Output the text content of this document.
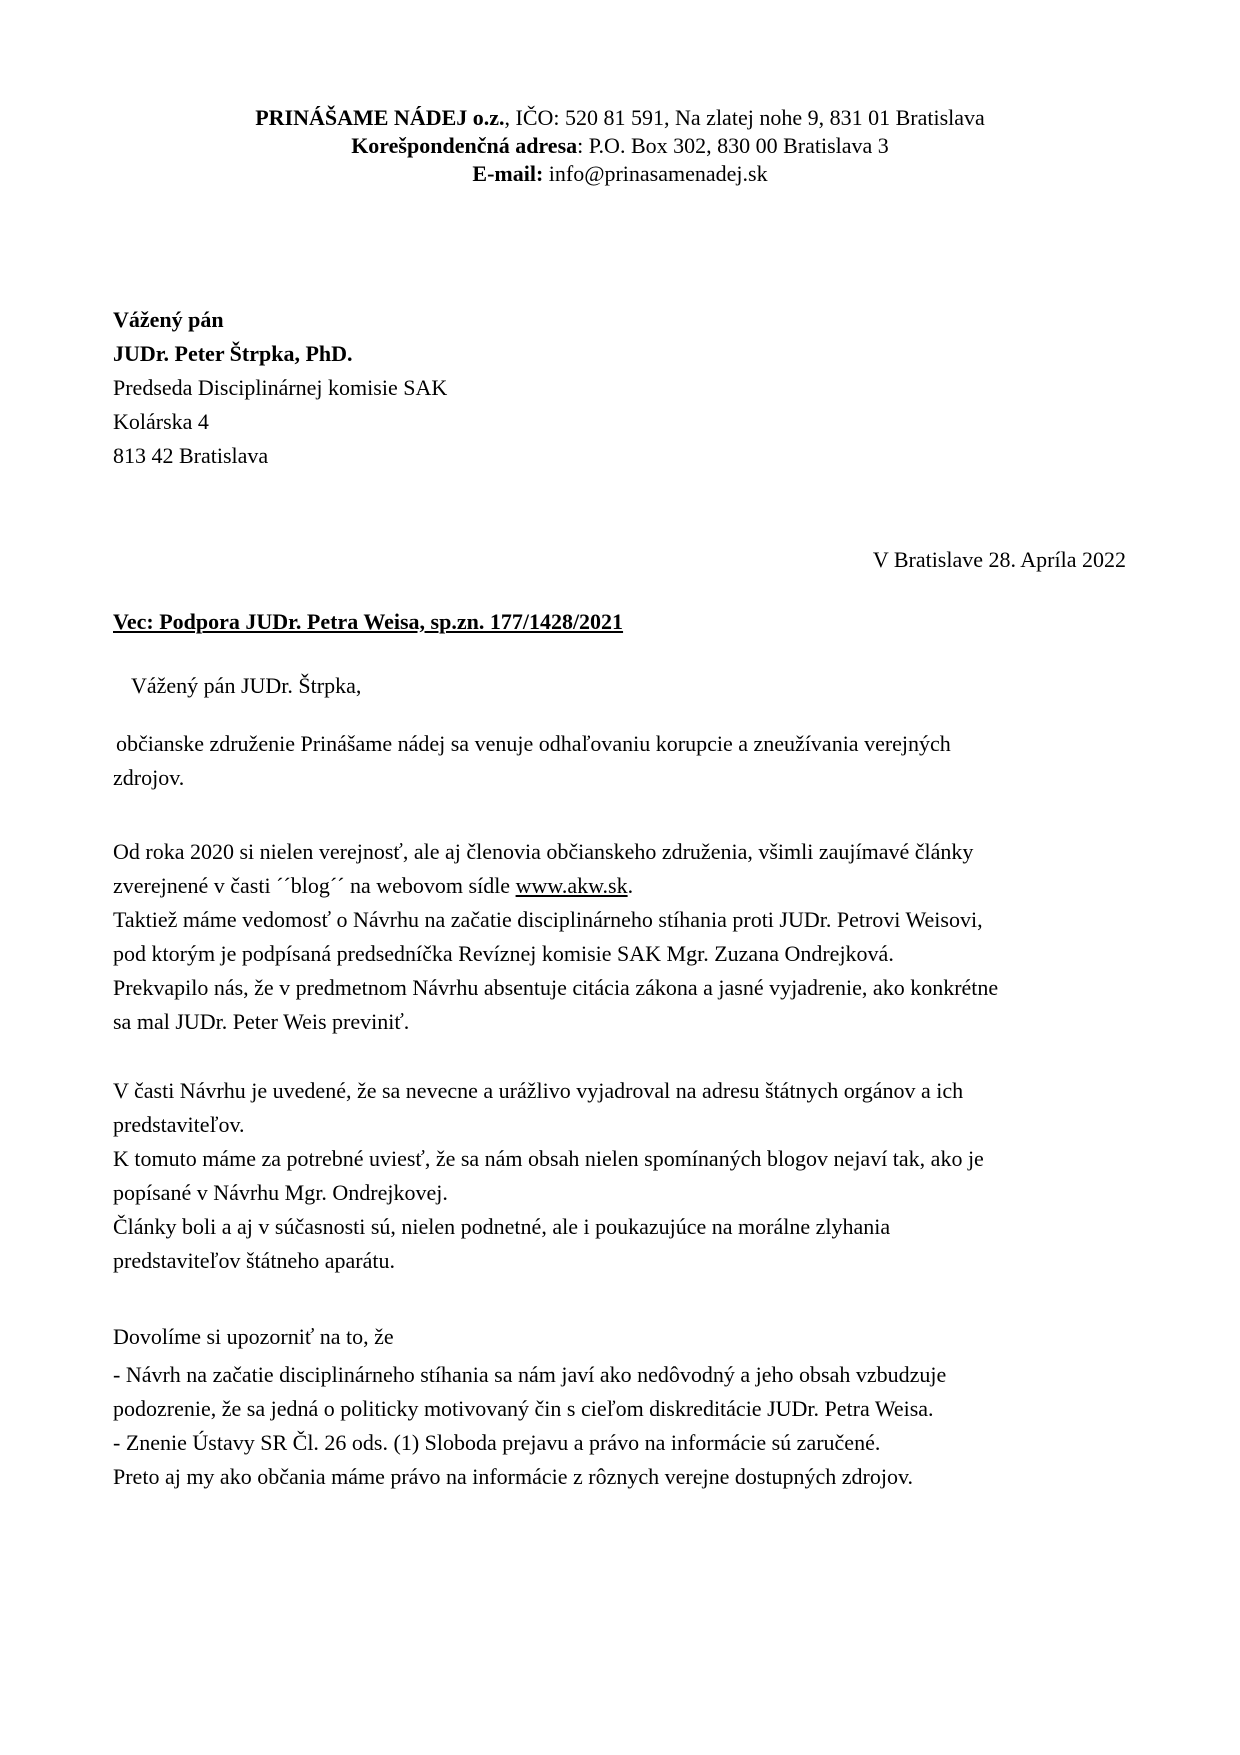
PRINÁŠAME NÁDEJ o.z., IČO: 520 81 591, Na zlatej nohe 9, 831 01 Bratislava
Korešpondenčná adresa: P.O. Box 302, 830 00 Bratislava 3
E-mail: info@prinasamenadej.sk
Vážený pán
JUDr. Peter Štrpka, PhD.
Predseda Disciplinárnej komisie SAK
Kolárska 4
813 42 Bratislava
V Bratislave 28. Apríla 2022
Vec: Podpora JUDr. Petra Weisa, sp.zn. 177/1428/2021
Vážený pán JUDr. Štrpka,
občianske združenie Prinášame nádej sa venuje odhaľovaniu korupcie a zneužívania verejných
zdrojov.
Od roka 2020 si nielen verejnosť, ale aj členovia občianskeho združenia, všimli zaujímavé články
zverejnené v časti ´´blog´´ na webovom sídle www.akw.sk.
Taktiež máme vedomosť o Návrhu na začatie disciplinárneho stíhania proti JUDr. Petrovi Weisovi,
pod ktorým je podpísaná predsedníčka Revíznej komisie SAK Mgr. Zuzana Ondrejková.
Prekvapilo nás, že v predmetnom Návrhu absentuje citácia zákona a jasné vyjadrenie, ako konkrétne
sa mal JUDr. Peter Weis previniť.
V časti Návrhu je uvedené, že sa nevecne a urážlivo vyjadroval na adresu štátnych orgánov a ich
predstaviteľov.
K tomuto máme za potrebné uviesť, že sa nám obsah nielen spomínaných blogov nejaví tak, ako je
popísané v Návrhu Mgr. Ondrejkovej.
Články boli a aj v súčasnosti sú, nielen podnetné, ale i poukazujúce na morálne zlyhania
predstaviteľov štátneho aparátu.
Dovolíme si upozorniť na to, že
- Návrh na začatie disciplinárneho stíhania sa nám javí ako nedôvodný a jeho obsah vzbudzuje
podozrenie, že sa jedná o politicky motivovaný čin s cieľom diskreditácie JUDr. Petra Weisa.
- Znenie Ústavy SR Čl. 26 ods. (1) Sloboda prejavu a právo na informácie sú zaručené.
Preto aj my ako občania máme právo na informácie z rôznych verejne dostupných zdrojov.
